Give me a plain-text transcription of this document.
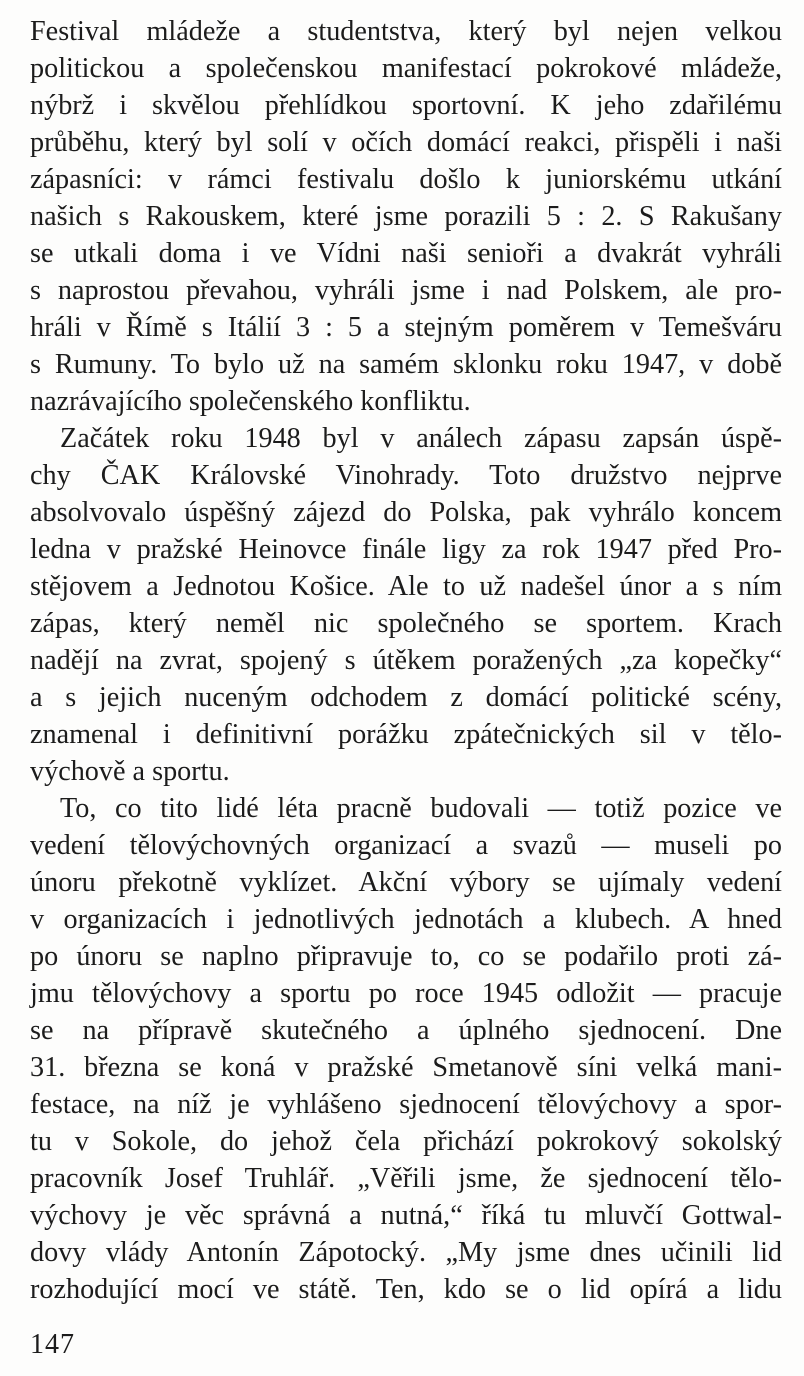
Festival mládeže a studentstva, který byl nejen velkou
politickou a společenskou manifestací pokrokové mládeže,
nýbrž i skvělou přehlídkou sportovní. K jeho zdařilému
průběhu, který byl solí v očích domácí reakci, přispěli i naši
zápasníci: v rámci festivalu došlo k juniorskému utkání
našich s Rakouskem, které jsme porazili 5 : 2. S Rakušany
se utkali doma i ve Vídni naši senioři a dvakrát vyhráli
s naprostou převahou, vyhráli jsme i nad Polskem, ale pro-
hráli v Římě s Itálií 3 : 5 a stejným poměrem v Temešváru
s Rumuny. To bylo už na samém sklonku roku 1947, v době
nazrávajícího společenského konfliktu.
Začátek roku 1948 byl v análech zápasu zapsán úspě-
chy ČAK Královské Vinohrady. Toto družstvo nejprve
absolvovalo úspěšný zájezd do Polska, pak vyhrálo koncem
ledna v pražské Heinovce finále ligy za rok 1947 před Pro-
stějovem a Jednotou Košice. Ale to už nadešel únor a s ním
zápas, který neměl nic společného se sportem. Krach
nadějí na zvrat, spojený s útěkem poražených „za kopečky“
a s jejich nuceným odchodem z domácí politické scény,
znamenal i definitivní porážku zpátečnických sil v tělo-
výchově a sportu.
To, co tito lidé léta pracně budovali — totiž pozice ve
vedení tělovýchovných organizací a svazů — museli po
únoru překotně vyklízet. Akční výbory se ujímaly vedení
v organizacích i jednotlivých jednotách a klubech. A hned
po únoru se naplno připravuje to, co se podařilo proti zá-
jmu tělovýchovy a sportu po roce 1945 odložit — pracuje
se na přípravě skutečného a úplného sjednocení. Dne
31. března se koná v pražské Smetanově síni velká mani-
festace, na níž je vyhlášeno sjednocení tělovýchovy a spor-
tu v Sokole, do jehož čela přichází pokrokový sokolský
pracovník Josef Truhlář. „Věřili jsme, že sjednocení tělo-
výchovy je věc správná a nutná,“ říká tu mluvčí Gottwal-
dovy vlády Antonín Zápotocký. „My jsme dnes učinili lid
rozhodující mocí ve státě. Ten, kdo se o lid opírá a lidu
147
